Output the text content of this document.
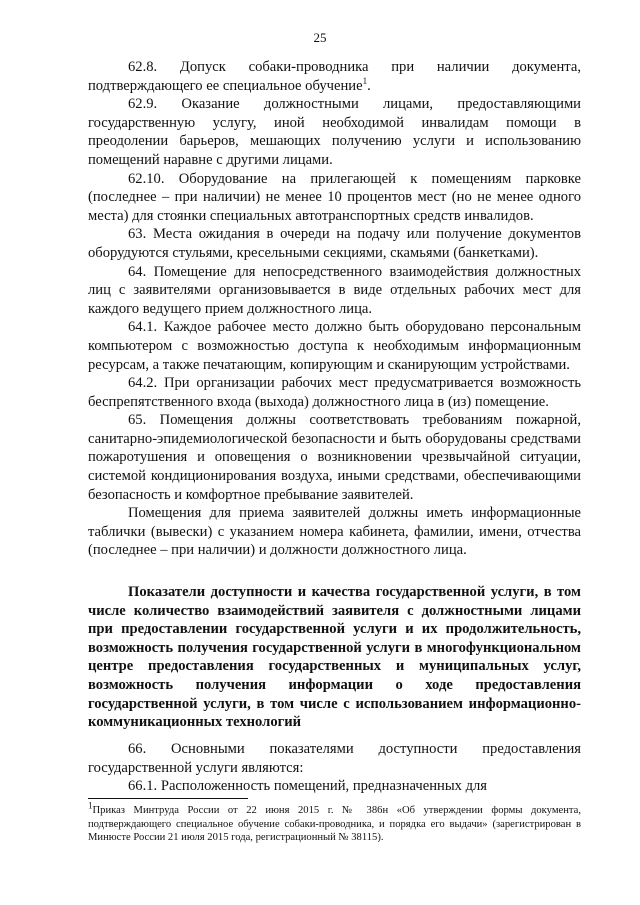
25

62.8. Допуск собаки-проводника при наличии документа, подтверждающего ее специальное обучение$^1$.

62.9. Оказание должностными лицами, предоставляющими государственную услугу, иной необходимой инвалидам помощи в преодолении барьеров, мешающих получению услуги и использованию помещений наравне с другими лицами.

62.10. Оборудование на прилегающей к помещениям парковке (последнее – при наличии) не менее 10 процентов мест (но не менее одного места) для стоянки специальных автотранспортных средств инвалидов.

63. Места ожидания в очереди на подачу или получение документов оборудуются стульями, кресельными секциями, скамьями (банкетками).

64. Помещение для непосредственного взаимодействия должностных лиц с заявителями организовывается в виде отдельных рабочих мест для каждого ведущего прием должностного лица.

64.1. Каждое рабочее место должно быть оборудовано персональным компьютером с возможностью доступа к необходимым информационным ресурсам, а также печатающим, копирующим и сканирующим устройствами.

64.2. При организации рабочих мест предусматривается возможность беспрепятственного входа (выхода) должностного лица в (из) помещение.

65. Помещения должны соответствовать требованиям пожарной, санитарно-эпидемиологической безопасности и быть оборудованы средствами пожаротушения и оповещения о возникновении чрезвычайной ситуации, системой кондиционирования воздуха, иными средствами, обеспечивающими безопасность и комфортное пребывание заявителей.

Помещения для приема заявителей должны иметь информационные таблички (вывески) с указанием номера кабинета, фамилии, имени, отчества (последнее – при наличии) и должности должностного лица.

Показатели доступности и качества государственной услуги, в том числе количество взаимодействий заявителя с должностными лицами при предоставлении государственной услуги и их продолжительность, возможность получения государственной услуги в многофункциональном центре предоставления государственных и муниципальных услуг, возможность получения информации о ходе предоставления государственной услуги, в том числе с использованием информационно-коммуникационных технологий

66. Основными показателями доступности предоставления государственной услуги являются:

66.1. Расположенность помещений, предназначенных для

$^1$Приказ Минтруда России от 22 июня 2015 г. № 386н «Об утверждении формы документа, подтверждающего специальное обучение собаки-проводника, и порядка его выдачи» (зарегистрирован в Минюсте России 21 июля 2015 года, регистрационный № 38115).
